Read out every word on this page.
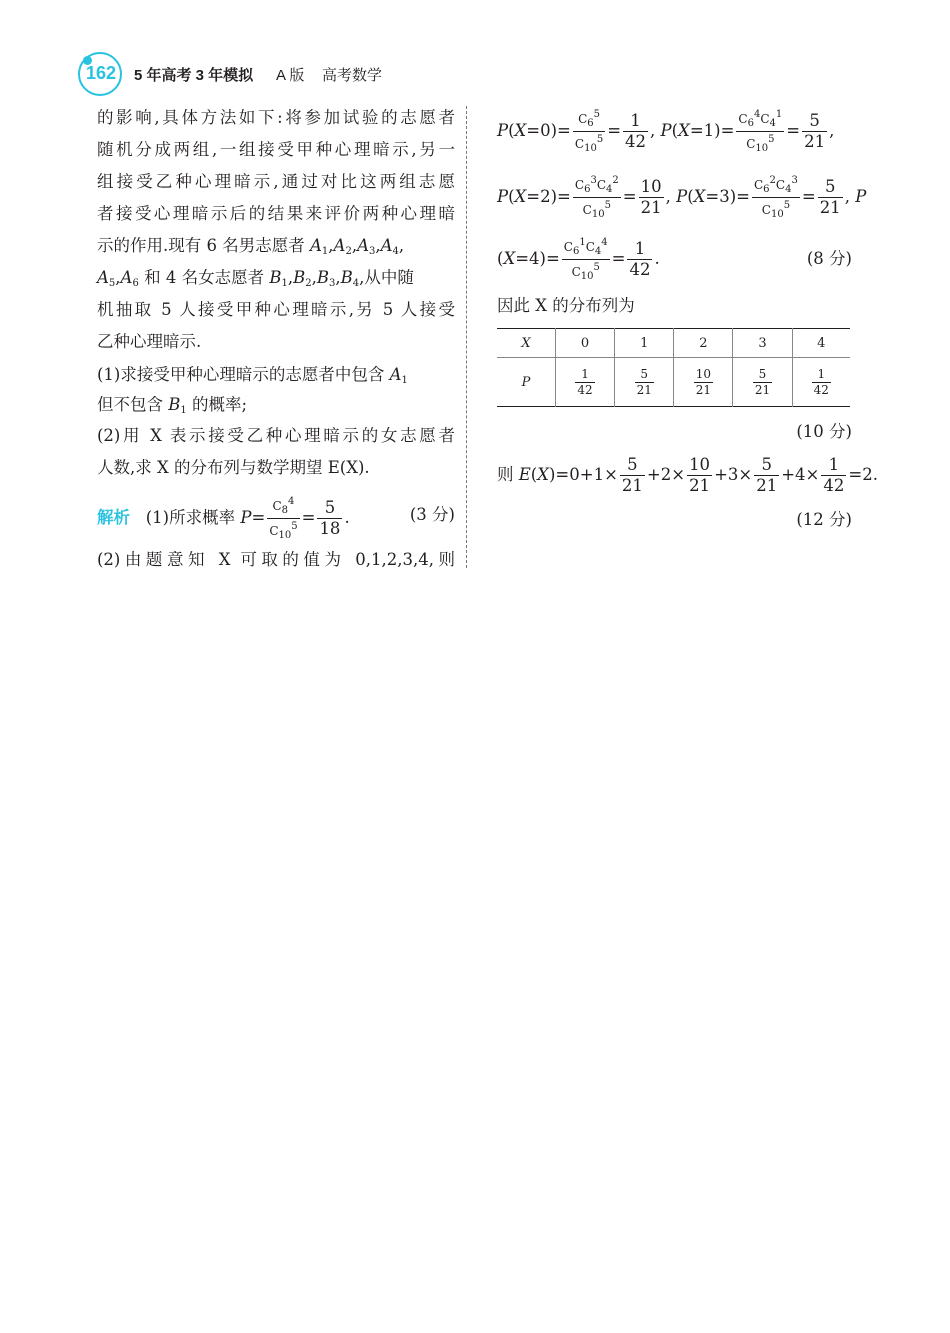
162	5 年高考 3 年模拟 A 版 高考数学
的影响,具体方法如下:将参加试验的志愿者
随机分成两组,一组接受甲种心理暗示,另一
组接受乙种心理暗示,通过对比这两组志愿
者接受心理暗示后的结果来评价两种心理暗
示的作用.现有 6 名男志愿者 $A_1,A_2,A_3,A_4$,
$A_5,A_6$ 和 4 名女志愿者 $B_1,B_2,B_3,B_4$,从中随
机抽取 5 人接受甲种心理暗示,另 5 人接受
乙种心理暗示.
(1)求接受甲种心理暗示的志愿者中包含 $A_1$
但不包含 $B_1$ 的概率;
(2)用 X 表示接受乙种心理暗示的女志愿者
人数,求 X 的分布列与数学期望 E(X).
解析 (1)所求概率 $P= \frac{C_8^4}{C_{10}^5} = \frac{5}{18}$ .	(3 分)
(2)由题意知 X 可取的值为 0,1,2,3,4,则
$P(X=0)= \frac{C_6^5}{C_{10}^5} = \frac{1}{42}$ , $P(X=1)= \frac{C_6^4C_4^1}{C_{10}^5} = \frac{5}{21}$ ,
$P(X=2)= \frac{C_6^3C_4^2}{C_{10}^5} = \frac{10}{21}$ , $P(X=3)= \frac{C_6^2C_4^3}{C_{10}^5} = \frac{5}{21}$ , P
$(X=4)= \frac{C_6^1C_4^4}{C_{10}^5} = \frac{1}{42}$ .	(8 分)
因此 X 的分布列为
X	0	1	2	3	4
P	$\frac{1}{42}$	$\frac{5}{21}$	$\frac{10}{21}$	$\frac{5}{21}$	$\frac{1}{42}$
(10 分)
则 $E(X)=0+1\times \frac{5}{21} +2\times \frac{10}{21} +3\times \frac{5}{21} +4\times \frac{1}{42} =2$.
(12 分)
